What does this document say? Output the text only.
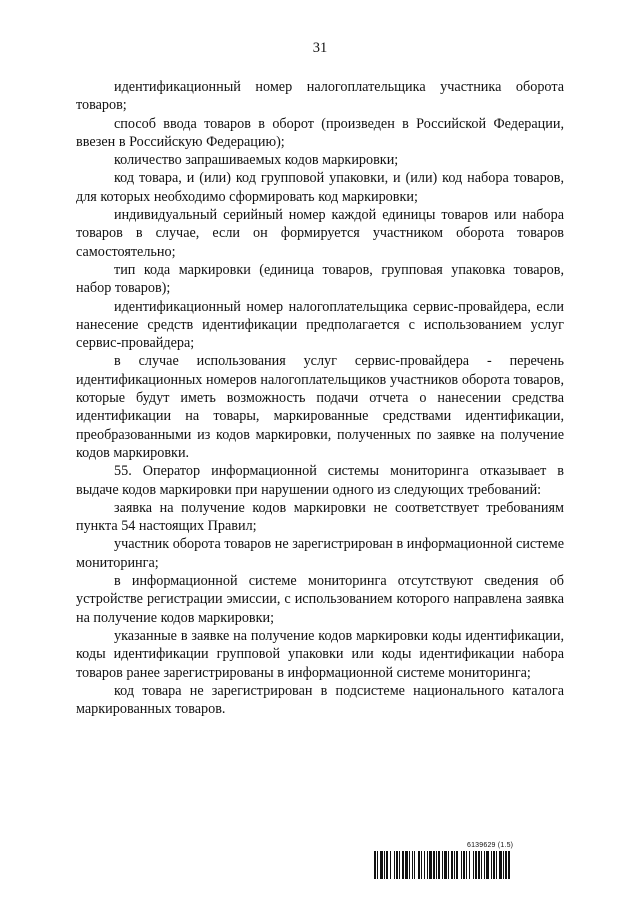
31

идентификационный номер налогоплательщика участника оборота товаров;

способ ввода товаров в оборот (произведен в Российской Федерации, ввезен в Российскую Федерацию);

количество запрашиваемых кодов маркировки;

код товара, и (или) код групповой упаковки, и (или) код набора товаров, для которых необходимо сформировать код маркировки;

индивидуальный серийный номер каждой единицы товаров или набора товаров в случае, если он формируется участником оборота товаров самостоятельно;

тип кода маркировки (единица товаров, групповая упаковка товаров, набор товаров);

идентификационный номер налогоплательщика сервис-провайдера, если нанесение средств идентификации предполагается с использованием услуг сервис-провайдера;

в случае использования услуг сервис-провайдера - перечень идентификационных номеров налогоплательщиков участников оборота товаров, которые будут иметь возможность подачи отчета о нанесении средства идентификации на товары, маркированные средствами идентификации, преобразованными из кодов маркировки, полученных по заявке на получение кодов маркировки.

55. Оператор информационной системы мониторинга отказывает в выдаче кодов маркировки при нарушении одного из следующих требований:

заявка на получение кодов маркировки не соответствует требованиям пункта 54 настоящих Правил;

участник оборота товаров не зарегистрирован в информационной системе мониторинга;

в информационной системе мониторинга отсутствуют сведения об устройстве регистрации эмиссии, с использованием которого направлена заявка на получение кодов маркировки;

указанные в заявке на получение кодов маркировки коды идентификации, коды идентификации групповой упаковки или коды идентификации набора товаров ранее зарегистрированы в информационной системе мониторинга;

код товара не зарегистрирован в подсистеме национального каталога маркированных товаров.

6139629 (1.5)
